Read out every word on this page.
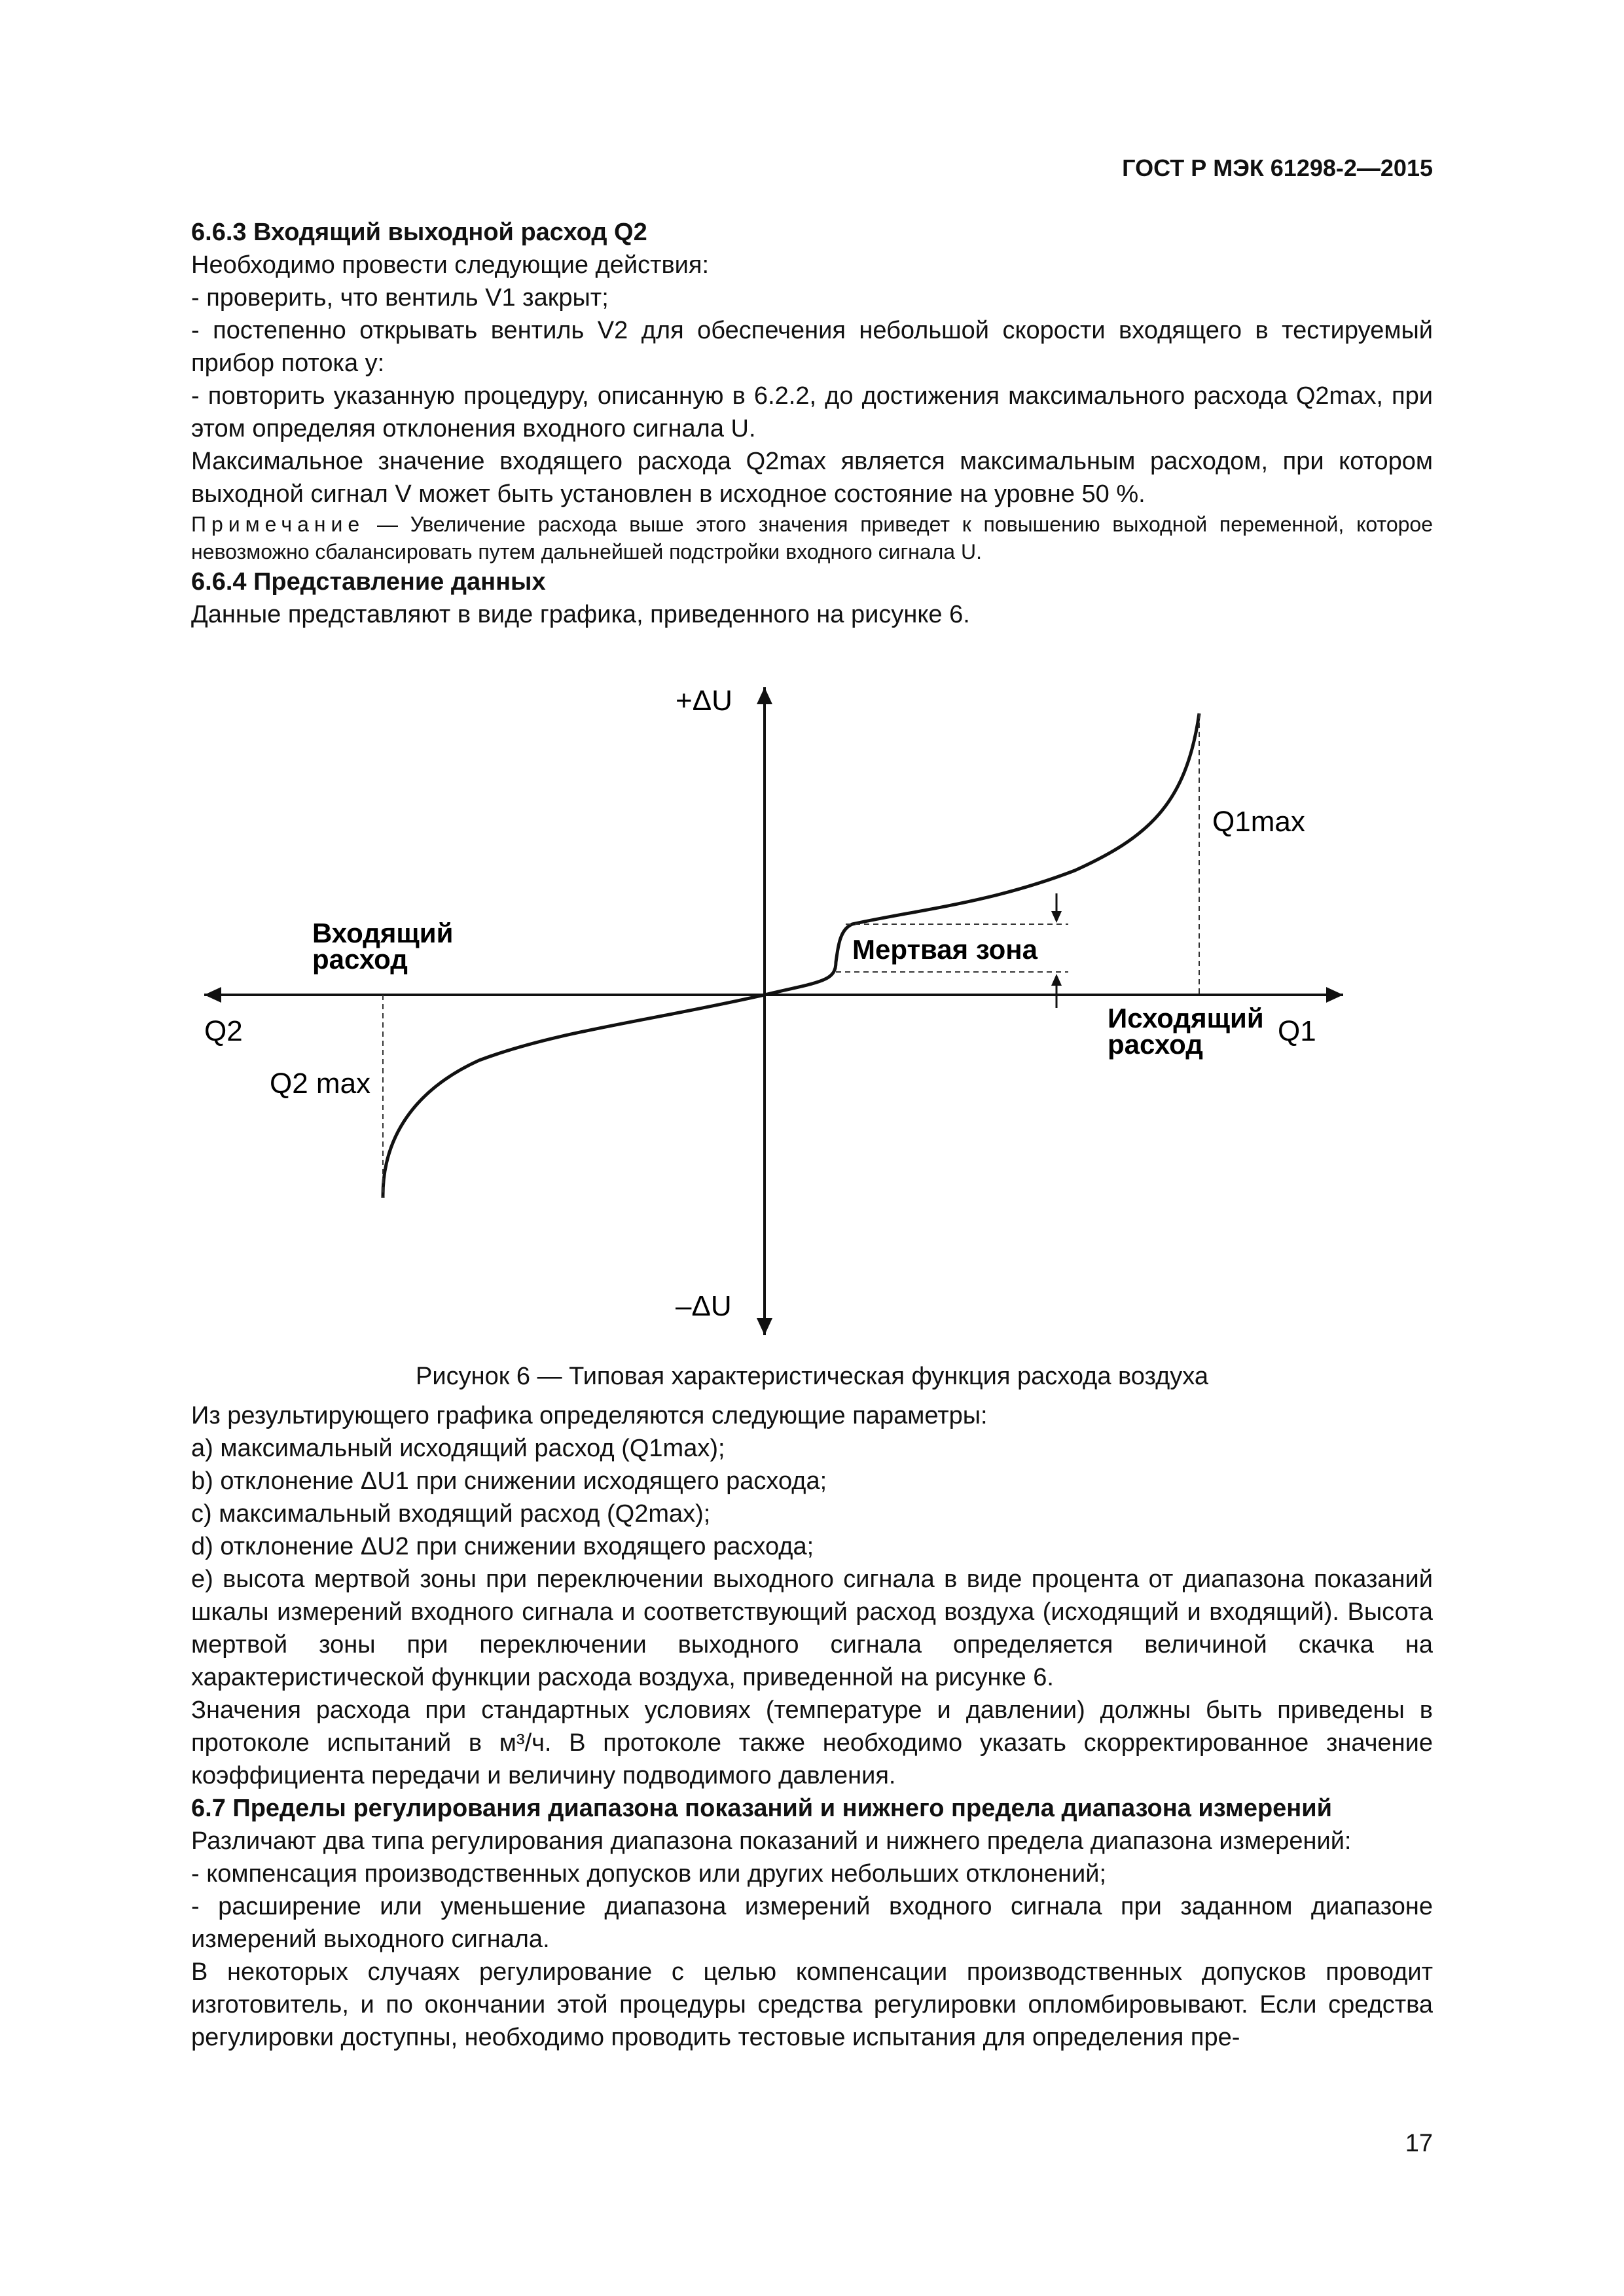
ГОСТ Р МЭК 61298-2—2015

6.6.3 Входящий выходной расход Q2

Необходимо провести следующие действия:

- проверить, что вентиль V1 закрыт;

- постепенно открывать вентиль V2 для обеспечения небольшой скорости входящего в тестируемый прибор потока y:

- повторить указанную процедуру, описанную в 6.2.2, до достижения максимального расхода Q2max, при этом определяя отклонения входного сигнала U.

Максимальное значение входящего расхода Q2max является максимальным расходом, при котором выходной сигнал V может быть установлен в исходное состояние на уровне 50 %.

Примечание — Увеличение расхода выше этого значения приведет к повышению выходной переменной, которое невозможно сбалансировать путем дальнейшей подстройки входного сигнала U.

6.6.4 Представление данных

Данные представляют в виде графика, приведенного на рисунке 6.

+ΔU
–ΔU
Q2	Q1
Q1max
Q2 max
Входящий
расход
Исходящий
расход
Мертвая зона
Рисунок 6 — Типовая характеристическая функция расхода воздуха

Из результирующего графика определяются следующие параметры:

a) максимальный исходящий расход (Q1max);

b) отклонение ΔU1 при снижении исходящего расхода;

c) максимальный входящий расход (Q2max);

d) отклонение ΔU2 при снижении входящего расхода;

e) высота мертвой зоны при переключении выходного сигнала в виде процента от диапазона показаний шкалы измерений входного сигнала и соответствующий расход воздуха (исходящий и входящий). Высота мертвой зоны при переключении выходного сигнала определяется величиной скачка на характеристической функции расхода воздуха, приведенной на рисунке 6.

Значения расхода при стандартных условиях (температуре и давлении) должны быть приведены в протоколе испытаний в м³/ч. В протоколе также необходимо указать скорректированное значение коэффициента передачи и величину подводимого давления.

6.7 Пределы регулирования диапазона показаний и нижнего предела диапазона измерений

Различают два типа регулирования диапазона показаний и нижнего предела диапазона измерений:

- компенсация производственных допусков или других небольших отклонений;

- расширение или уменьшение диапазона измерений входного сигнала при заданном диапазоне измерений выходного сигнала.

В некоторых случаях регулирование с целью компенсации производственных допусков проводит изготовитель, и по окончании этой процедуры средства регулировки опломбировывают. Если средства регулировки доступны, необходимо проводить тестовые испытания для определения пре-

17
